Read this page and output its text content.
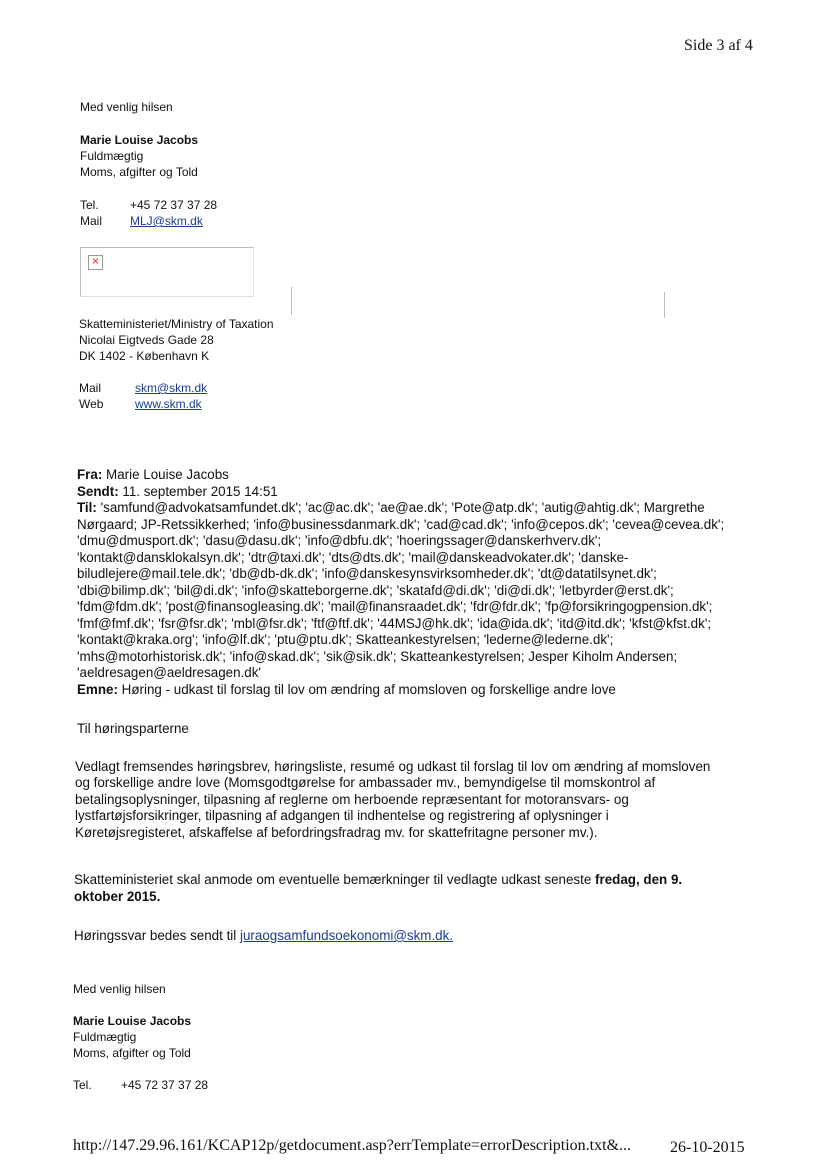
Side 3 af 4
Med venlig hilsen
Marie Louise Jacobs
Fuldmægtig
Moms, afgifter og Told
Tel.	+45 72 37 37 28
Mail MLJ@skm.dk
×
Skatteministeriet/Ministry of Taxation
Nicolai Eigtveds Gade 28
DK 1402 - København K
Mail	skm@skm.dk
Web	www.skm.dk
Fra: Marie Louise Jacobs
Sendt: 11. september 2015 14:51
Til: 'samfund@advokatsamfundet.dk'; 'ac@ac.dk'; 'ae@ae.dk'; 'Pote@atp.dk'; 'autig@ahtig.dk'; Margrethe
Nørgaard; JP-Retssikkerhed; 'info@businessdanmark.dk'; 'cad@cad.dk'; 'info@cepos.dk'; 'cevea@cevea.dk';
'dmu@dmusport.dk'; 'dasu@dasu.dk'; 'info@dbfu.dk'; 'hoeringssager@danskerhverv.dk';
'kontakt@dansklokalsyn.dk'; 'dtr@taxi.dk'; 'dts@dts.dk'; 'mail@danskeadvokater.dk'; 'danske-
biludlejere@mail.tele.dk'; 'db@db-dk.dk'; 'info@danskesynsvirksomheder.dk'; 'dt@datatilsynet.dk';
'dbi@bilimp.dk'; 'bil@di.dk'; 'info@skatteborgerne.dk'; 'skatafd@di.dk'; 'di@di.dk'; 'letbyrder@erst.dk';
'fdm@fdm.dk'; 'post@finansogleasing.dk'; 'mail@finansraadet.dk'; 'fdr@fdr.dk'; 'fp@forsikringogpension.dk';
'fmf@fmf.dk'; 'fsr@fsr.dk'; 'mbl@fsr.dk'; 'ftf@ftf.dk'; '44MSJ@hk.dk'; 'ida@ida.dk'; 'itd@itd.dk'; 'kfst@kfst.dk';
'kontakt@kraka.org'; 'info@lf.dk'; 'ptu@ptu.dk'; Skatteankestyrelsen; 'lederne@lederne.dk';
'mhs@motorhistorisk.dk'; 'info@skad.dk'; 'sik@sik.dk'; Skatteankestyrelsen; Jesper Kiholm Andersen;
'aeldresagen@aeldresagen.dk'
Emne: Høring - udkast til forslag til lov om ændring af momsloven og forskellige andre love
Til høringsparterne
Vedlagt fremsendes høringsbrev, høringsliste, resumé og udkast til forslag til lov om ændring af momsloven
og forskellige andre love (Momsgodtgørelse for ambassader mv., bemyndigelse til momskontrol af
betalingsoplysninger, tilpasning af reglerne om herboende repræsentant for motoransvars- og
lystfartøjsforsikringer, tilpasning af adgangen til indhentelse og registrering af oplysninger i
Køretøjsregisteret, afskaffelse af befordringsfradrag mv. for skattefritagne personer mv.).
Skatteministeriet skal anmode om eventuelle bemærkninger til vedlagte udkast seneste fredag, den 9.
oktober 2015.
Høringssvar bedes sendt til juraogsamfundsoekonomi@skm.dk.
Med venlig hilsen
Marie Louise Jacobs
Fuldmægtig
Moms, afgifter og Told
Tel. +45 72 37 37 28
http://147.29.96.161/KCAP12p/getdocument.asp?errTemplate=errorDescription.txt&... 26-10-2015
